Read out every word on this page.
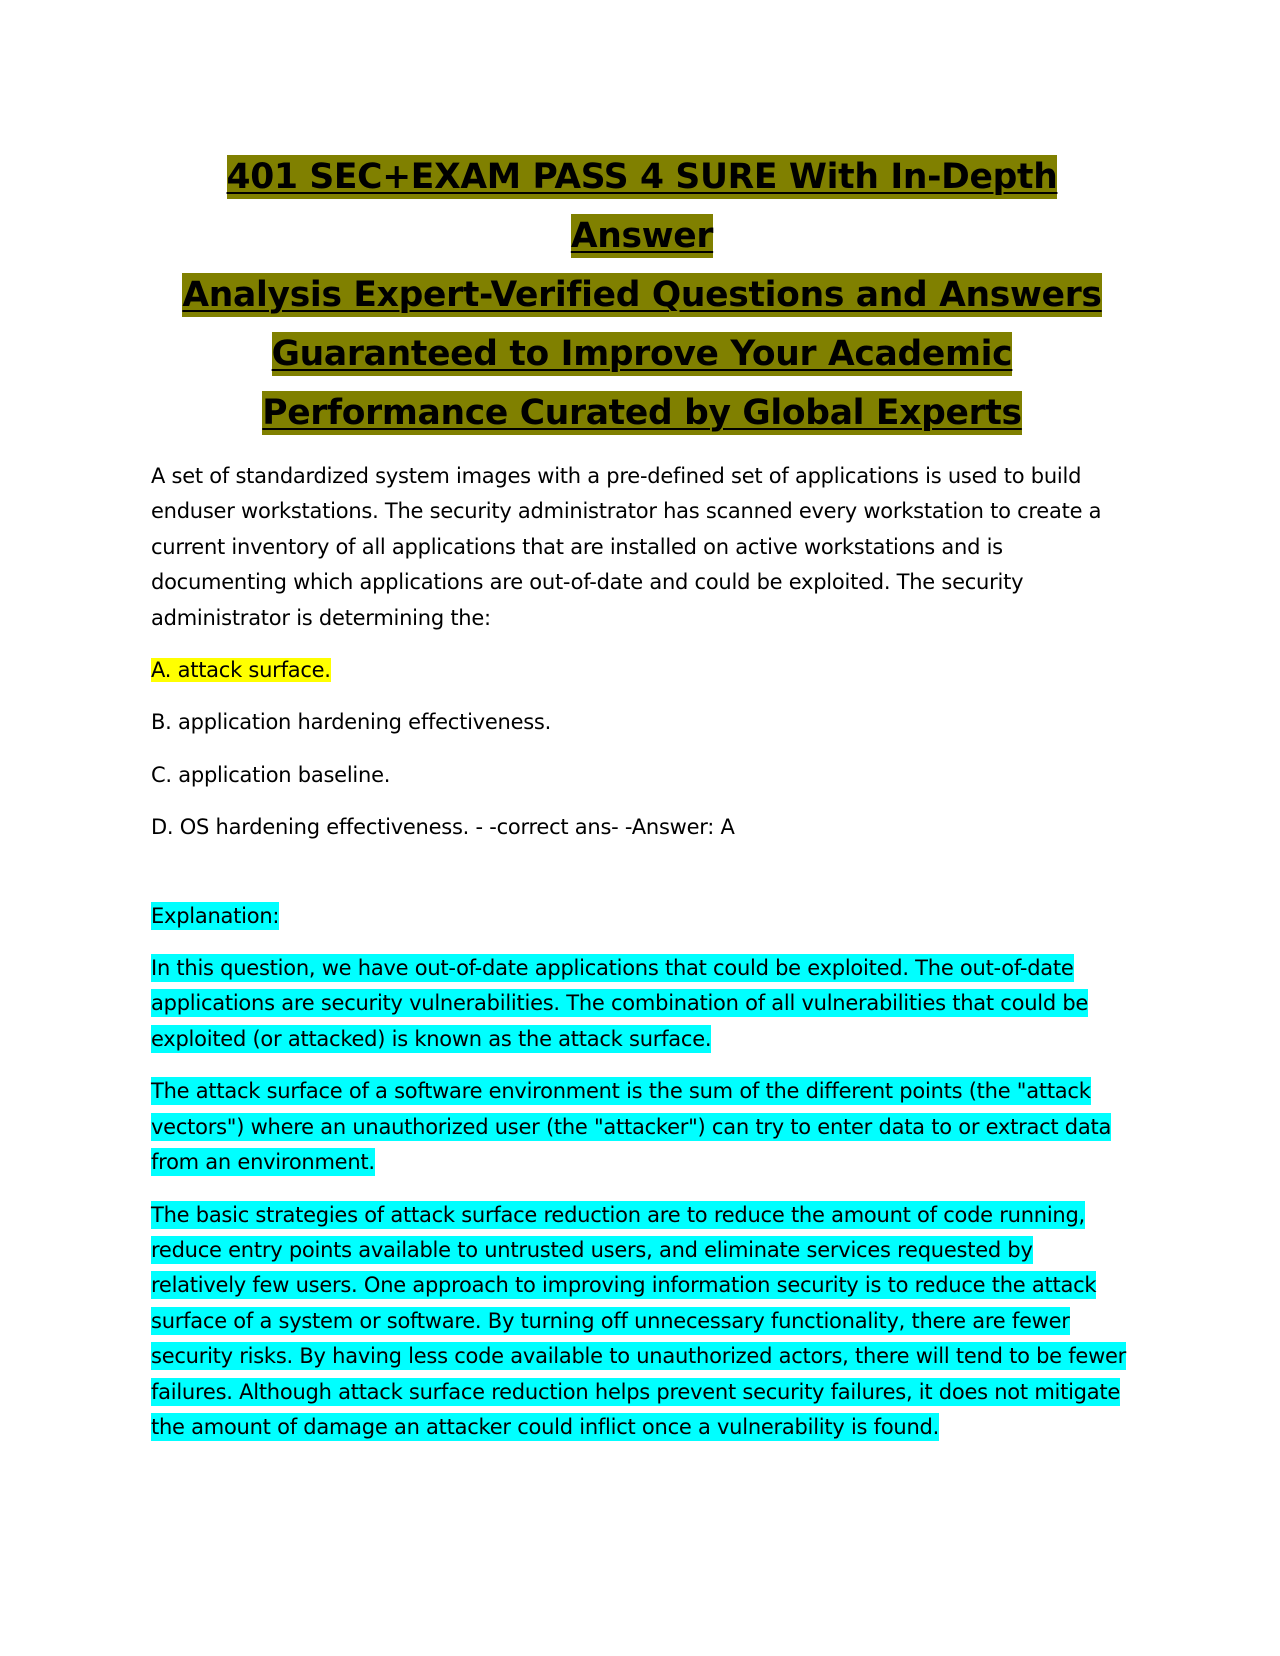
401 SEC+EXAM PASS 4 SURE With In-Depth Answer
Analysis Expert-Verified Questions and Answers
Guaranteed to Improve Your Academic
Performance Curated by Global Experts

A set of standardized system images with a pre-defined set of applications is used to build enduser workstations. The security administrator has scanned every workstation to create a current inventory of all applications that are installed on active workstations and is documenting which applications are out-of-date and could be exploited. The security administrator is determining the:

A. attack surface.

B. application hardening effectiveness.

C. application baseline.

D. OS hardening effectiveness. - -correct ans- -Answer: A

Explanation:

In this question, we have out-of-date applications that could be exploited. The out-of-date applications are security vulnerabilities. The combination of all vulnerabilities that could be exploited (or attacked) is known as the attack surface.

The attack surface of a software environment is the sum of the different points (the "attack vectors") where an unauthorized user (the "attacker") can try to enter data to or extract data from an environment.

The basic strategies of attack surface reduction are to reduce the amount of code running, reduce entry points available to untrusted users, and eliminate services requested by relatively few users. One approach to improving information security is to reduce the attack surface of a system or software. By turning off unnecessary functionality, there are fewer security risks. By having less code available to unauthorized actors, there will tend to be fewer failures. Although attack surface reduction helps prevent security failures, it does not mitigate the amount of damage an attacker could inflict once a vulnerability is found.
